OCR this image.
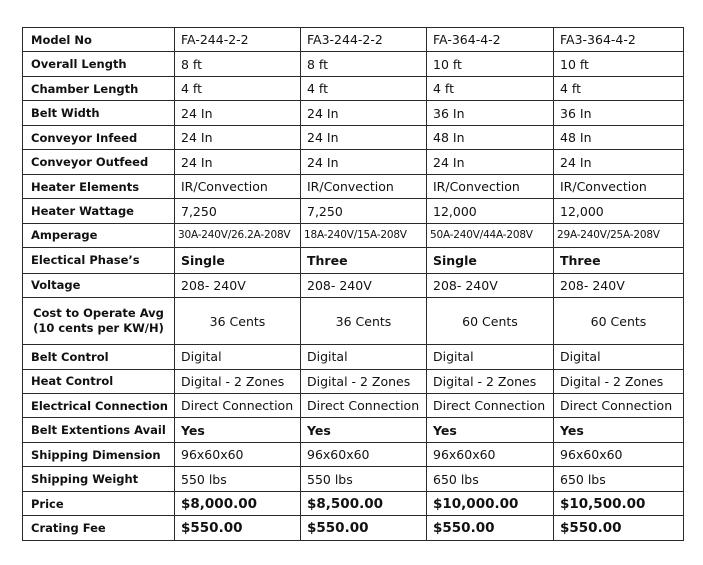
Model No	FA-244-2-2	FA3-244-2-2	FA-364-4-2	FA3-364-4-2
Overall Length	8 ft	8 ft	10 ft	10 ft
Chamber Length	4 ft	4 ft	4 ft	4 ft
Belt Width	24 In	24 In	36 In	36 In
Conveyor Infeed	24 In	24 In	48 In	48 In
Conveyor Outfeed	24 In	24 In	24 In	24 In
Heater Elements	IR/Convection	IR/Convection	IR/Convection	IR/Convection
Heater Wattage	7,250	7,250	12,000	12,000
Amperage	30A-240V/26.2A-208V	18A-240V/15A-208V	50A-240V/44A-208V	29A-240V/25A-208V
Electical Phase’s	Single	Three	Single	Three
Voltage	208- 240V	208- 240V	208- 240V	208- 240V
Cost to Operate Avg (10 cents per KW/H)	36 Cents	36 Cents	60 Cents	60 Cents
Belt Control	Digital	Digital	Digital	Digital
Heat Control	Digital - 2 Zones	Digital - 2 Zones	Digital - 2 Zones	Digital - 2 Zones
Electrical Connection	Direct Connection	Direct Connection	Direct Connection	Direct Connection
Belt Extentions Avail	Yes	Yes	Yes	Yes
Shipping Dimension	96x60x60	96x60x60	96x60x60	96x60x60
Shipping Weight	550 lbs	550 lbs	650 lbs	650 lbs
Price	$8,000.00	$8,500.00	$10,000.00	$10,500.00
Crating Fee	$550.00	$550.00	$550.00	$550.00
